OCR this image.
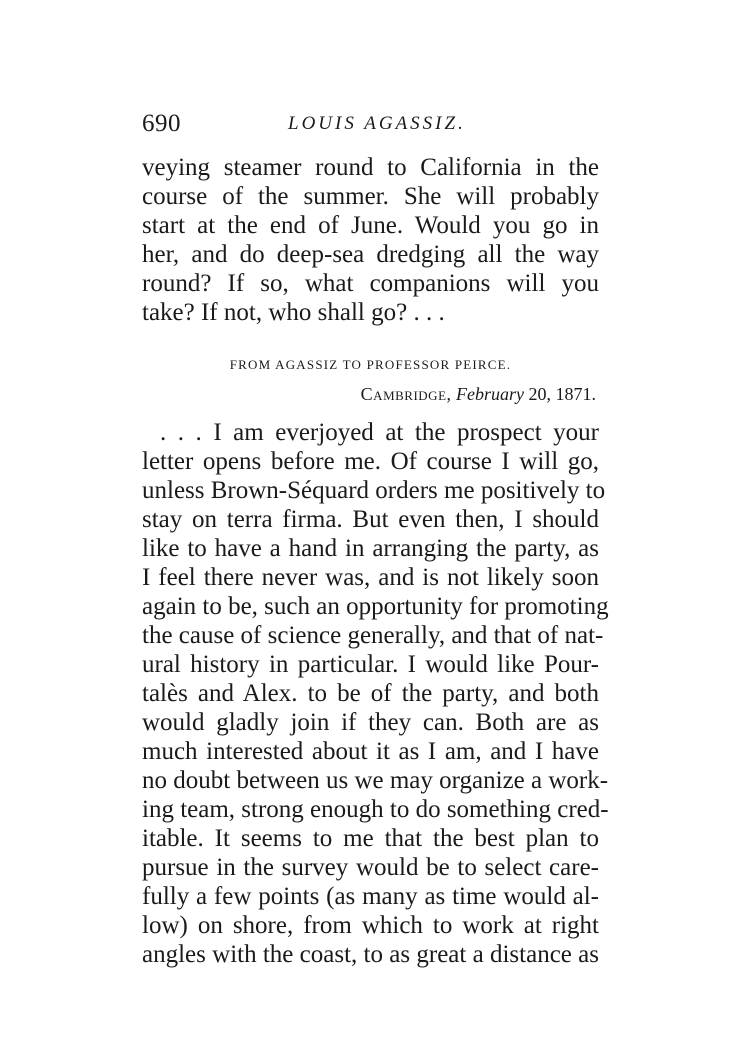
690	LOUIS AGASSIZ.
veying steamer round to California in the
course of the summer. She will probably
start at the end of June. Would you go in
her, and do deep-sea dredging all the way
round? If so, what companions will you
take? If not, who shall go? . . .
FROM AGASSIZ TO PROFESSOR PEIRCE.
Cambridge, February 20, 1871.
. . . I am everjoyed at the prospect your
letter opens before me. Of course I will go,
unless Brown-Séquard orders me positively to
stay on terra firma. But even then, I should
like to have a hand in arranging the party, as
I feel there never was, and is not likely soon
again to be, such an opportunity for promoting
the cause of science generally, and that of nat-
ural history in particular. I would like Pour-
talès and Alex. to be of the party, and both
would gladly join if they can. Both are as
much interested about it as I am, and I have
no doubt between us we may organize a work-
ing team, strong enough to do something cred-
itable. It seems to me that the best plan to
pursue in the survey would be to select care-
fully a few points (as many as time would al-
low) on shore, from which to work at right
angles with the coast, to as great a distance as
